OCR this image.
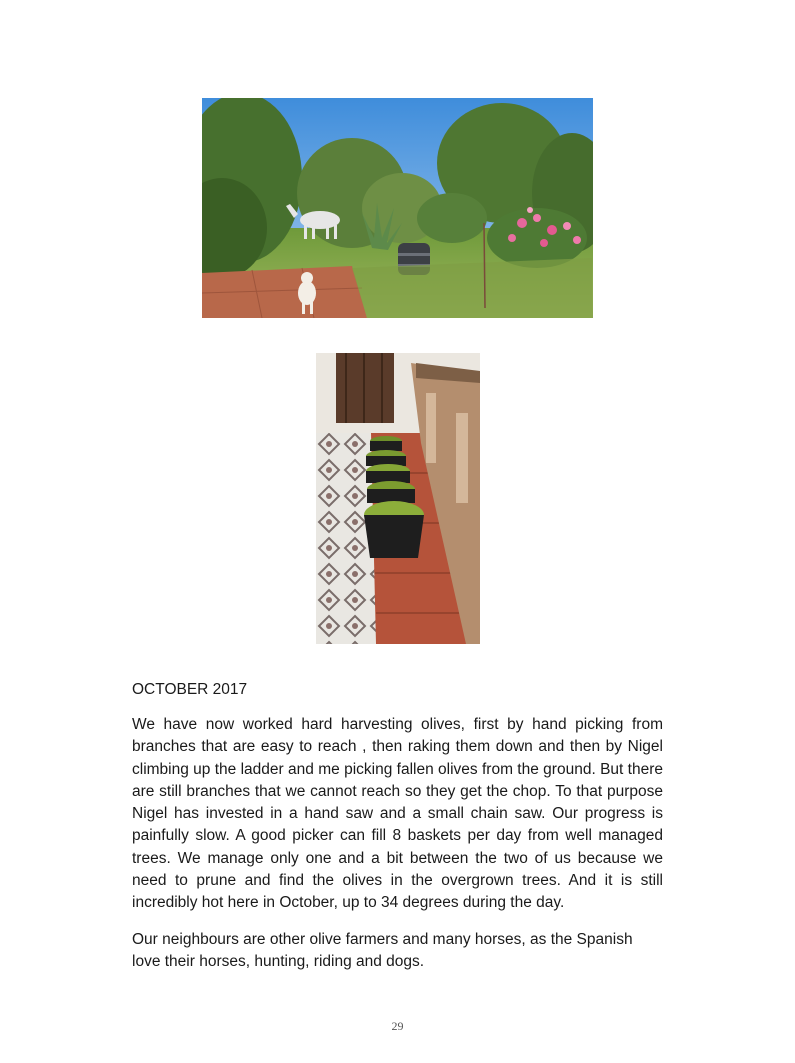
OCTOBER 2017

We have now worked hard harvesting olives, first by hand picking from branches that are easy to reach , then raking them down and then by Nigel climbing up the ladder and me picking fallen olives from the ground. But there are still branches that we cannot reach so they get the chop. To that purpose Nigel has invested in a hand saw and a small chain saw. Our progress is painfully slow. A good picker can fill 8 baskets per day from well managed trees. We manage only one and a bit between the two of us because we need to prune and find the olives in the overgrown trees. And it is still incredibly hot here in October, up to 34 degrees during the day.

Our neighbours are other olive farmers and many horses, as the Spanish love their horses, hunting, riding and dogs.

29
